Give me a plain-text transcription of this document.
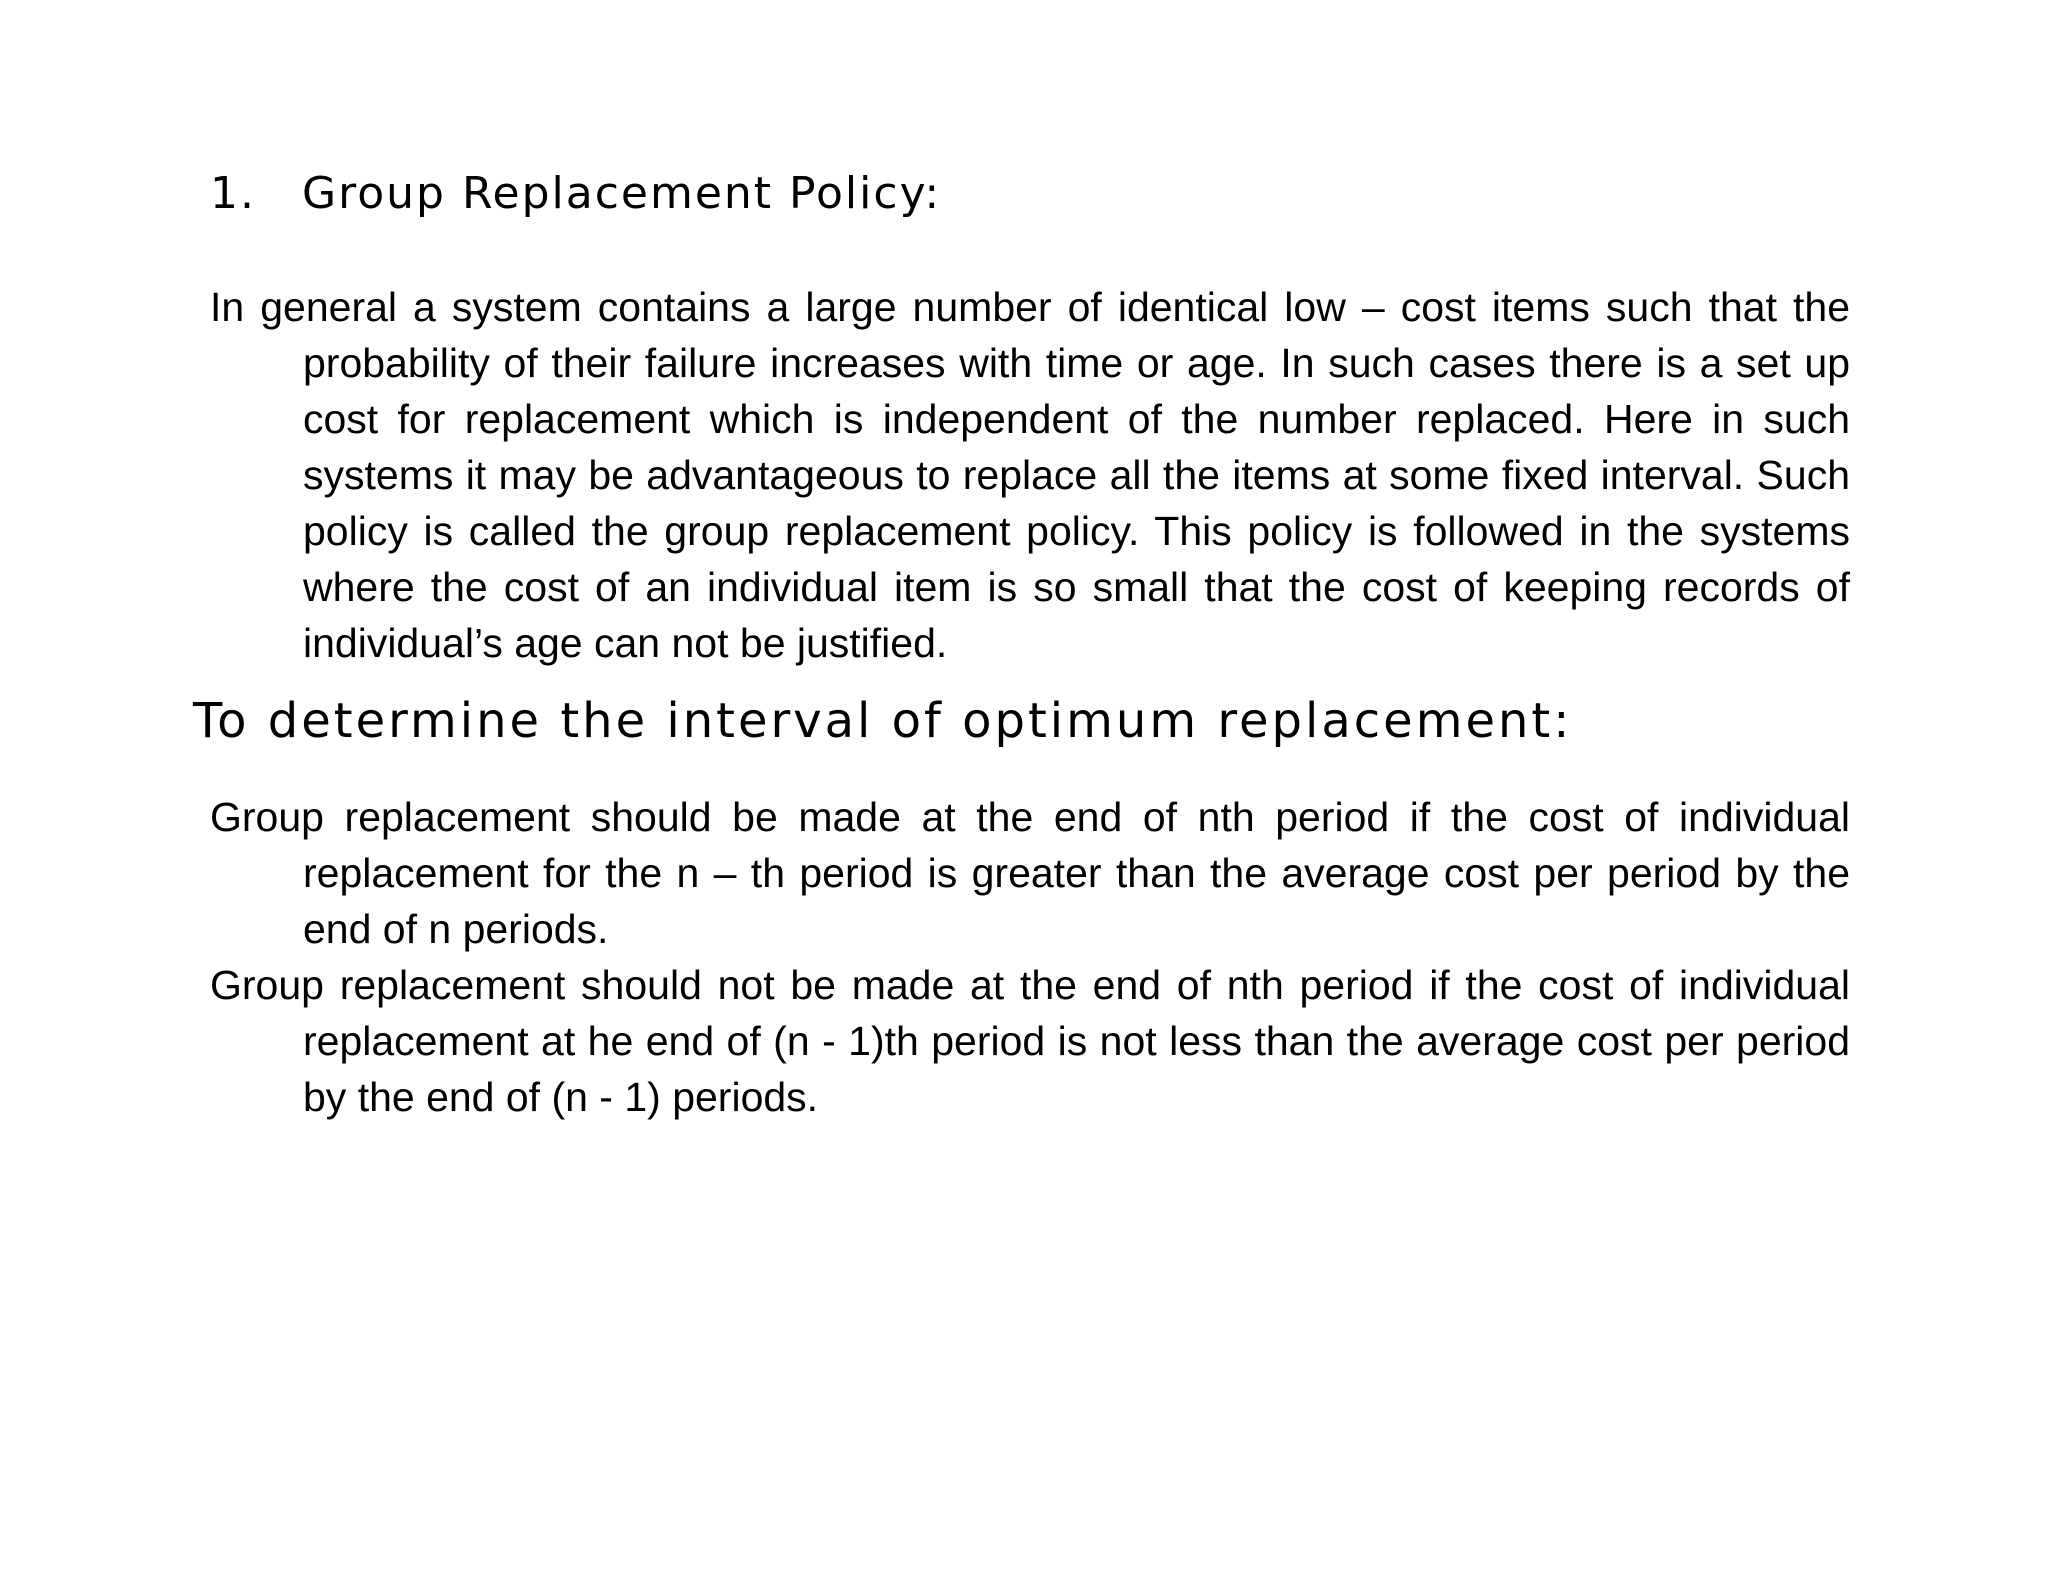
1. Group Replacement Policy:

In general a system contains a large number of identical low – cost items such that the probability of their failure increases with time or age. In such cases there is a set up cost for replacement which is independent of the number replaced. Here in such systems it may be advantageous to replace all the items at some fixed interval. Such policy is called the group replacement policy. This policy is followed in the systems where the cost of an individual item is so small that the cost of keeping records of individual’s age can not be justified.

To determine the interval of optimum replacement:

Group replacement should be made at the end of nth period if the cost of individual replacement for the n – th period is greater than the average cost per period by the end of n periods.

Group replacement should not be made at the end of nth period if the cost of individual replacement at he end of (n - 1)th period is not less than the average cost per period by the end of (n - 1) periods.
